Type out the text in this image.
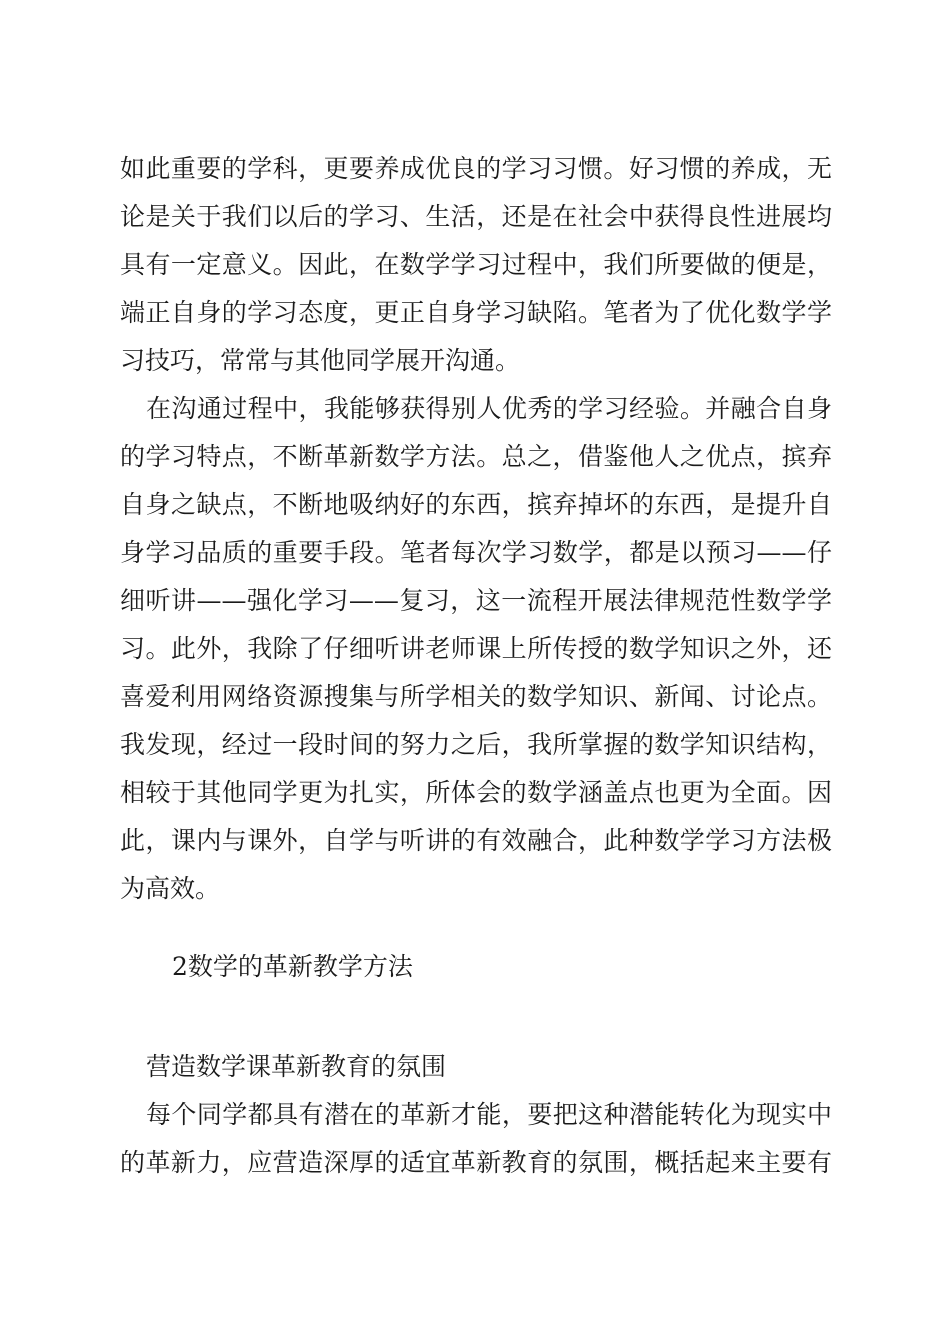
如此重要的学科，更要养成优良的学习习惯。好习惯的养成，无
论是关于我们以后的学习、生活，还是在社会中获得良性进展均
具有一定意义。因此，在数学学习过程中，我们所要做的便是，
端正自身的学习态度，更正自身学习缺陷。笔者为了优化数学学
习技巧，常常与其他同学展开沟通。
在沟通过程中，我能够获得别人优秀的学习经验。并融合自身
的学习特点，不断革新数学方法。总之，借鉴他人之优点，摈弃
自身之缺点，不断地吸纳好的东西，摈弃掉坏的东西，是提升自
身学习品质的重要手段。笔者每次学习数学，都是以预习——仔
细听讲——强化学习——复习，这一流程开展法律规范性数学学
习。此外，我除了仔细听讲老师课上所传授的数学知识之外，还
喜爱利用网络资源搜集与所学相关的数学知识、新闻、讨论点。
我发现，经过一段时间的努力之后，我所掌握的数学知识结构，
相较于其他同学更为扎实，所体会的数学涵盖点也更为全面。因
此，课内与课外，自学与听讲的有效融合，此种数学学习方法极
为高效。
2数学的革新教学方法
营造数学课革新教育的氛围
每个同学都具有潜在的革新才能，要把这种潜能转化为现实中
的革新力，应营造深厚的适宜革新教育的氛围，概括起来主要有
